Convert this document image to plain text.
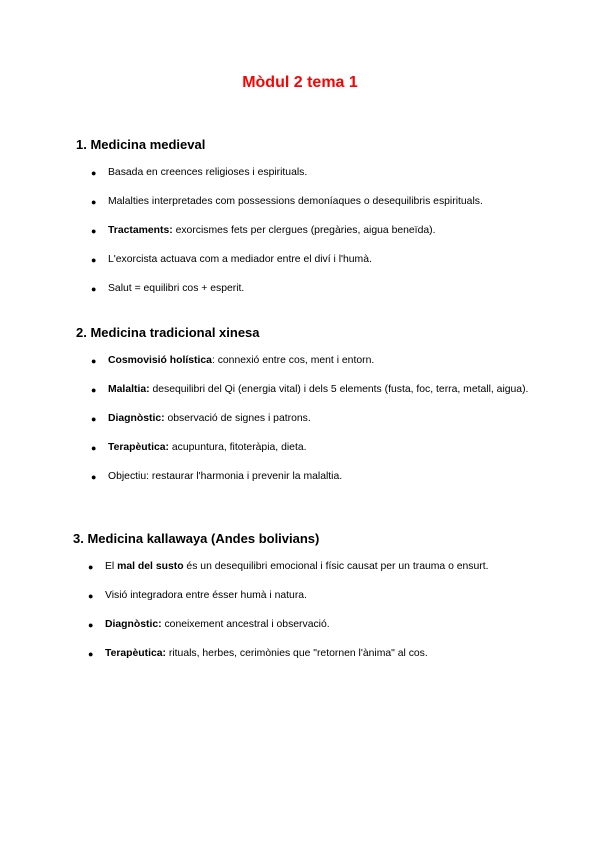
Mòdul 2 tema 1
1. Medicina medieval
● Basada en creences religioses i espirituals.
● Malalties interpretades com possessions demoníaques o desequilibris espirituals.
● Tractaments: exorcismes fets per clergues (pregàries, aigua beneïda).
● L'exorcista actuava com a mediador entre el diví i l'humà.
● Salut = equilibri cos + esperit.
2. Medicina tradicional xinesa
● Cosmovisió holística: connexió entre cos, ment i entorn.
● Malaltia: desequilibri del Qi (energia vital) i dels 5 elements (fusta, foc, terra, metall, aigua).
● Diagnòstic: observació de signes i patrons.
● Terapèutica: acupuntura, fitoteràpia, dieta.
● Objectiu: restaurar l'harmonia i prevenir la malaltia.
3. Medicina kallawaya (Andes bolivians)
● El mal del susto és un desequilibri emocional i físic causat per un trauma o ensurt.
● Visió integradora entre ésser humà i natura.
● Diagnòstic: coneixement ancestral i observació.
● Terapèutica: rituals, herbes, cerimònies que "retornen l'ànima" al cos.
